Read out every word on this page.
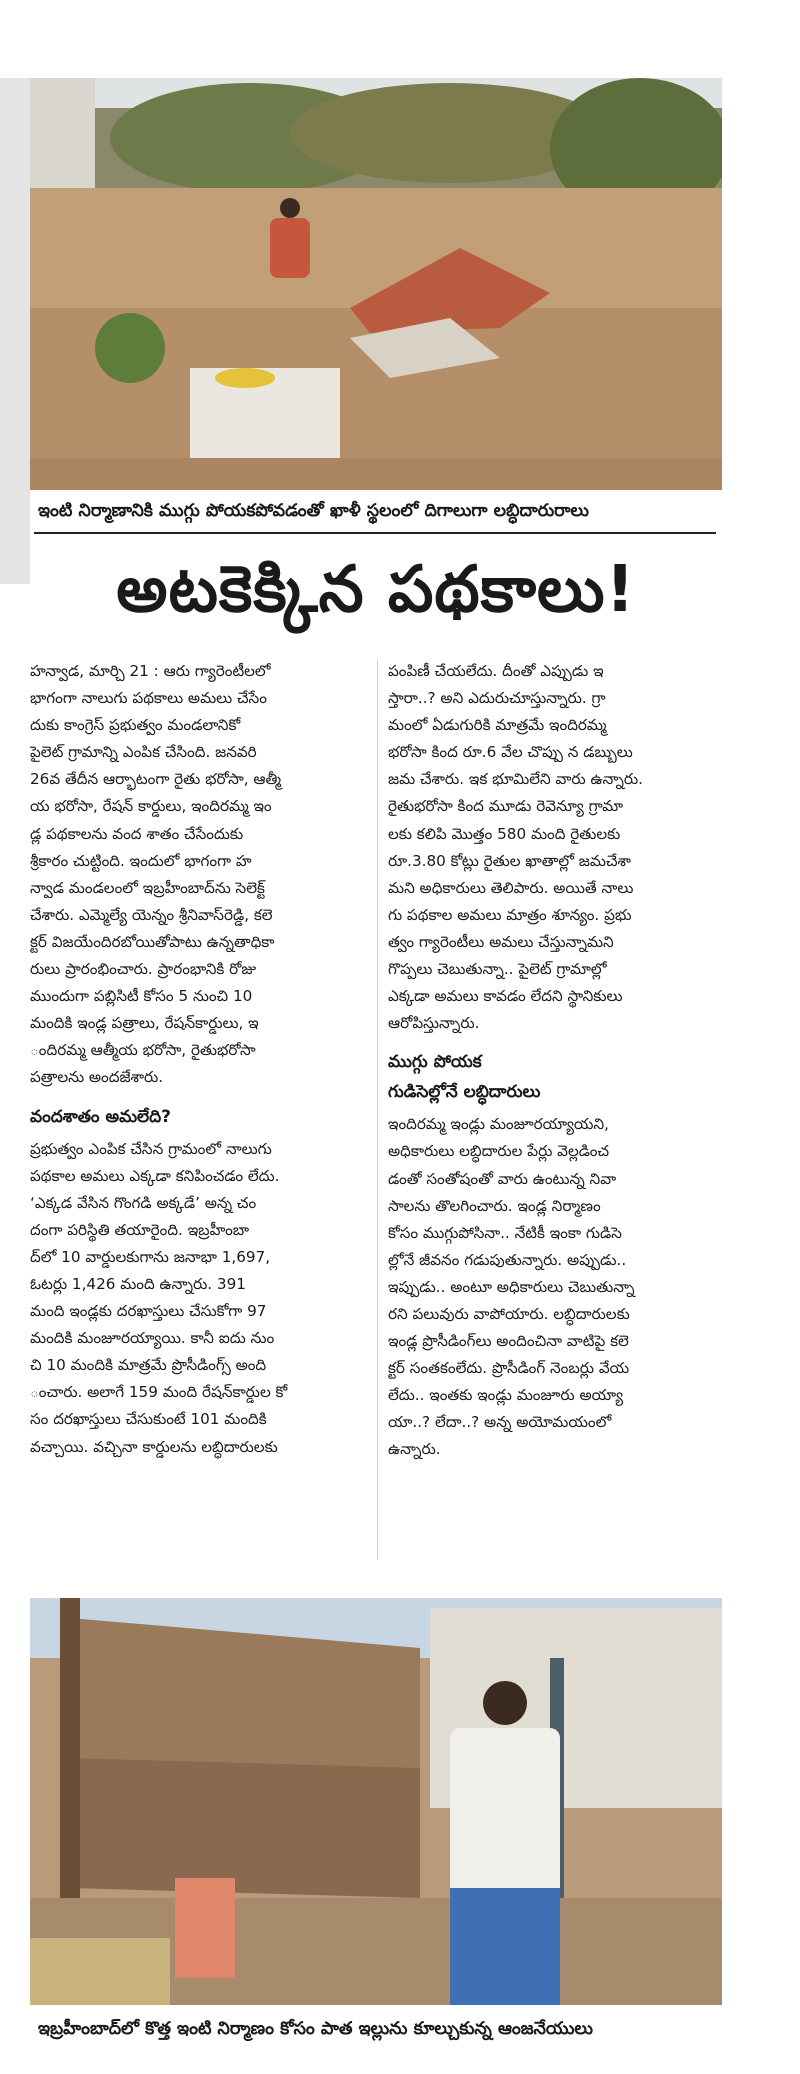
ఇంటి నిర్మాణానికి ముగ్గు పోయకపోవడంతో ఖాళీ స్థలంలో దిగాలుగా లబ్ధిదారురాలు
అటకెక్కిన పథకాలు!

హన్వాడ, మార్చి 21 : ఆరు గ్యారెంటీలలో
భాగంగా నాలుగు పథకాలు అమలు చేసేం
దుకు కాంగ్రెస్ ప్రభుత్వం మండలానికో
పైలెట్ గ్రామాన్ని ఎంపిక చేసింది. జనవరి
26వ తేదీన ఆర్భాటంగా రైతు భరోసా, ఆత్మీ
య భరోసా, రేషన్ కార్డులు, ఇందిరమ్మ ఇం
డ్ల పథకాలను వంద శాతం చేసేందుకు
శ్రీకారం చుట్టింది. ఇందులో భాగంగా హ
న్వాడ మండలంలో ఇబ్రహీంబాద్‌ను సెలెక్ట్
చేశారు. ఎమ్మెల్యే యెన్నం శ్రీనివాస్‌రెడ్డి, కలె
క్టర్ విజయేందిరబోయితోపాటు ఉన్నతాధికా
రులు ప్రారంభించారు. ప్రారంభానికి రోజు
ముందుగా పబ్లిసిటీ కోసం 5 నుంచి 10
మందికి ఇండ్ల పత్రాలు, రేషన్‌కార్డులు, ఇ
ందిరమ్మ ఆత్మీయ భరోసా, రైతుభరోసా
పత్రాలను అందజేశారు.

వందశాతం అమలేది?

ప్రభుత్వం ఎంపిక చేసిన గ్రామంలో నాలుగు
పథకాల అమలు ఎక్కడా కనిపించడం లేదు.
‘ఎక్కడ వేసిన గొంగడి అక్కడే’ అన్న చం
దంగా పరిస్థితి తయారైంది. ఇబ్రహీంబా
ద్‌లో 10 వార్డులకుగాను జనాభా 1,697,
ఓటర్లు 1,426 మంది ఉన్నారు. 391
మంది ఇండ్లకు దరఖాస్తులు చేసుకోగా 97
మందికి మంజూరయ్యాయి. కానీ ఐదు నుం
చి 10 మందికి మాత్రమే ప్రొసీడింగ్స్ అంది
ంచారు. అలాగే 159 మంది రేషన్‌కార్డుల కో
సం దరఖాస్తులు చేసుకుంటే 101 మందికి
వచ్చాయి. వచ్చినా కార్డులను లబ్ధిదారులకు

పంపిణీ చేయలేదు. దీంతో ఎప్పుడు ఇ
స్తారా..? అని ఎదురుచూస్తున్నారు. గ్రా
మంలో ఏడుగురికి మాత్రమే ఇందిరమ్మ
భరోసా కింద రూ.6 వేల చొప్పు న డబ్బులు
జమ చేశారు. ఇక భూమిలేని వారు ఉన్నారు.
రైతుభరోసా కింద మూడు రెవెన్యూ గ్రామా
లకు కలిపి మొత్తం 580 మంది రైతులకు
రూ.3.80 కోట్లు రైతుల ఖాతాల్లో జమచేశా
మని అధికారులు తెలిపారు. అయితే నాలు
గు పథకాల అమలు మాత్రం శూన్యం. ప్రభు
త్వం గ్యారెంటీలు అమలు చేస్తున్నామని
గొప్పలు చెబుతున్నా.. పైలెట్ గ్రామాల్లో
ఎక్కడా అమలు కావడం లేదని స్థానికులు
ఆరోపిస్తున్నారు.

ముగ్గు పోయక
గుడిసెల్లోనే లబ్ధిదారులు

ఇందిరమ్మ ఇండ్లు మంజూరయ్యాయని,
అధికారులు లబ్ధిదారుల పేర్లు వెల్లడించ
డంతో సంతోషంతో వారు ఉంటున్న నివా
సాలను తొలగించారు. ఇండ్ల నిర్మాణం
కోసం ముగ్గుపోసినా.. నేటికీ ఇంకా గుడిసె
ల్లోనే జీవనం గడుపుతున్నారు. అప్పుడు..
ఇప్పుడు.. అంటూ అధికారులు చెబుతున్నా
రని పలువురు వాపోయారు. లబ్ధిదారులకు
ఇండ్ల ప్రొసీడింగ్‌లు అందించినా వాటిపై కలె
క్టర్ సంతకంలేదు. ప్రొసీడింగ్ నెంబర్లు వేయ
లేదు.. ఇంతకు ఇండ్లు మంజూరు అయ్యా
యా..? లేదా..? అన్న అయోమయంలో
ఉన్నారు.

ఇబ్రహీంబాద్‌లో కొత్త ఇంటి నిర్మాణం కోసం పాత ఇల్లును కూల్చుకున్న ఆంజనేయులు
